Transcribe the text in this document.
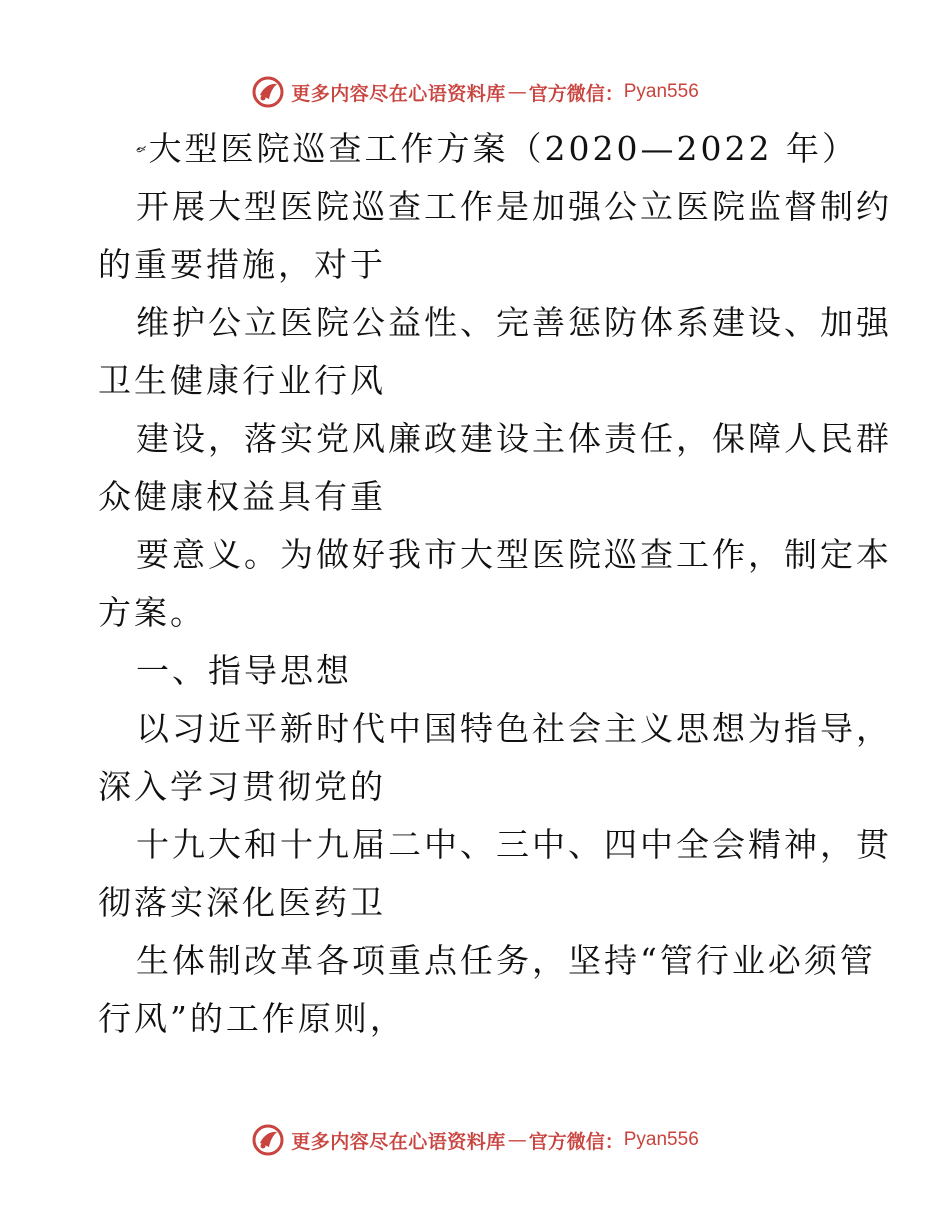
更多内容尽在心语资料库 — 官方微信： Pyan556
大型医院巡查工作方案（2020—2022 年）
开展大型医院巡查工作是加强公立医院监督制约
的重要措施，对于
维护公立医院公益性、完善惩防体系建设、加强
卫生健康行业行风
建设，落实党风廉政建设主体责任，保障人民群
众健康权益具有重
要意义。为做好我市大型医院巡查工作，制定本
方案。
一、指导思想
以习近平新时代中国特色社会主义思想为指导，
深入学习贯彻党的
十九大和十九届二中、三中、四中全会精神，贯
彻落实深化医药卫
生体制改革各项重点任务，坚持“管行业必须管
行风”的工作原则，
更多内容尽在心语资料库 — 官方微信： Pyan556
